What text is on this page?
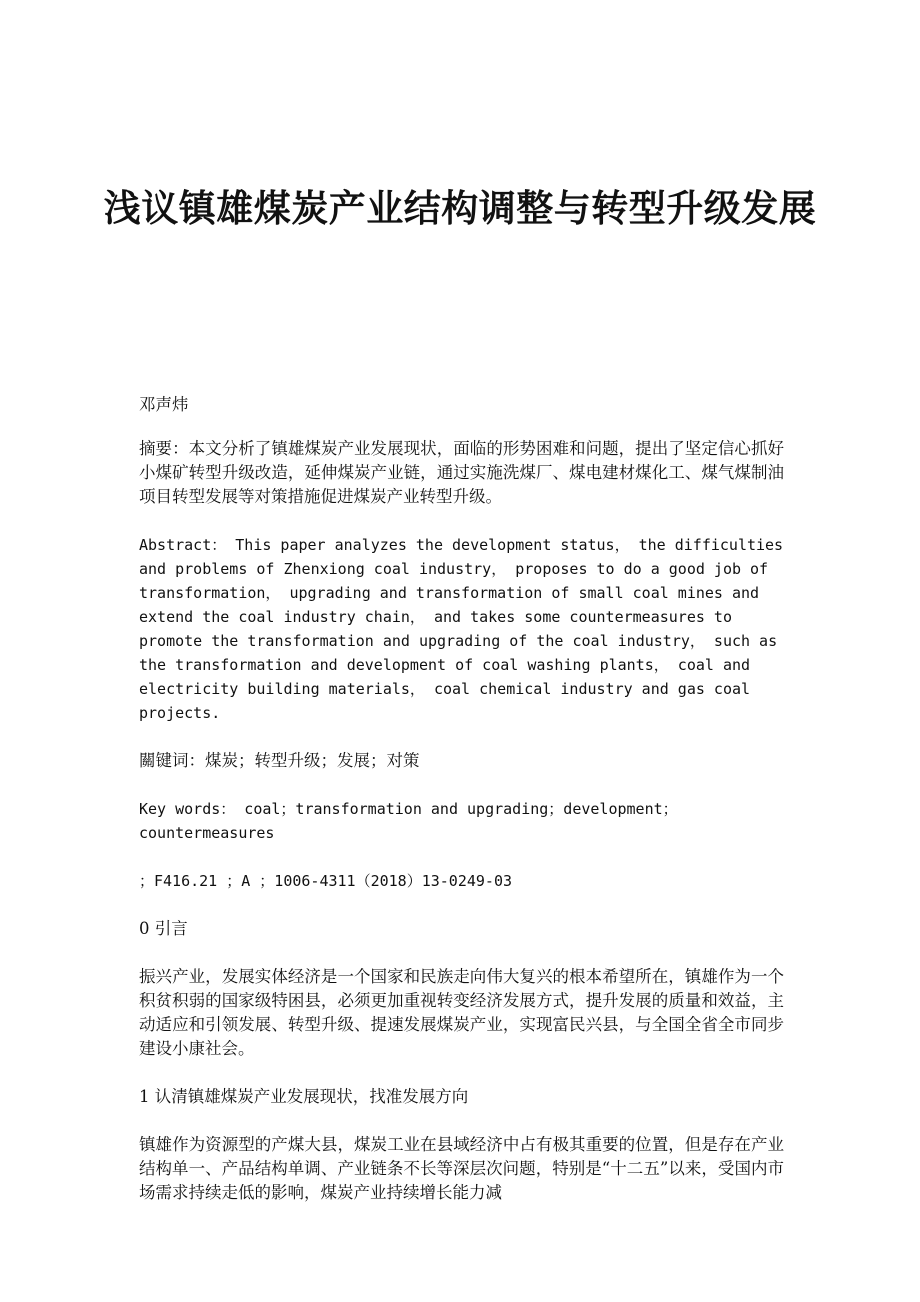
浅议镇雄煤炭产业结构调整与转型升级发展

邓声炜

摘要：本文分析了镇雄煤炭产业发展现状，面临的形势困难和问题，提出了坚定信心抓好小煤矿转型升级改造，延伸煤炭产业链，通过实施洗煤厂、煤电建材煤化工、煤气煤制油项目转型发展等对策措施促进煤炭产业转型升级。

Abstract： This paper analyzes the development status， the difficulties and problems of Zhenxiong coal industry， proposes to do a good job of transformation， upgrading and transformation of small coal mines and extend the coal industry chain， and takes some countermeasures to promote the transformation and upgrading of the coal industry， such as the transformation and development of coal washing plants， coal and electricity building materials， coal chemical industry and gas coal projects.

關键词：煤炭；转型升级；发展；对策

Key words： coal；transformation and upgrading；development；countermeasures

；F416.21 ；A ；1006-4311（2018）13-0249-03

0 引言

振兴产业，发展实体经济是一个国家和民族走向伟大复兴的根本希望所在，镇雄作为一个积贫积弱的国家级特困县，必须更加重视转变经济发展方式，提升发展的质量和效益，主动适应和引领发展、转型升级、提速发展煤炭产业，实现富民兴县，与全国全省全市同步建设小康社会。

1 认清镇雄煤炭产业发展现状，找准发展方向

镇雄作为资源型的产煤大县，煤炭工业在县域经济中占有极其重要的位置，但是存在产业结构单一、产品结构单调、产业链条不长等深层次问题，特别是“十二五”以来，受国内市场需求持续走低的影响，煤炭产业持续增长能力减
